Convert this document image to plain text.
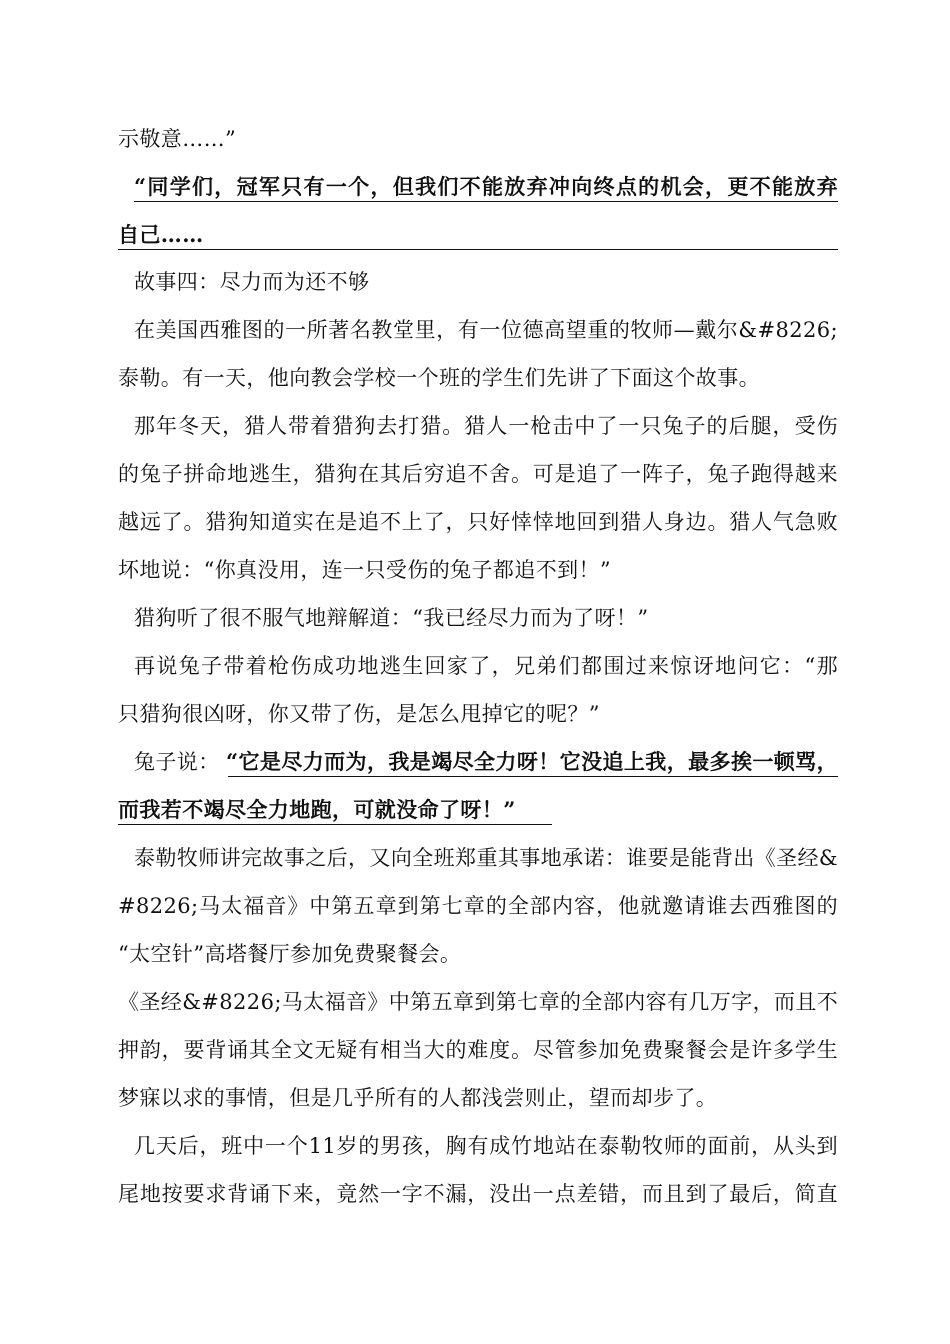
示敬意……”
“同学们，冠军只有一个，但我们不能放弃冲向终点的机会，更不能放弃
自己……
故事四：尽力而为还不够
在美国西雅图的一所著名教堂里，有一位德高望重的牧师—戴尔&#8226;
泰勒。有一天，他向教会学校一个班的学生们先讲了下面这个故事。
那年冬天，猎人带着猎狗去打猎。猎人一枪击中了一只兔子的后腿，受伤
的兔子拼命地逃生，猎狗在其后穷追不舍。可是追了一阵子，兔子跑得越来
越远了。猎狗知道实在是追不上了，只好悻悻地回到猎人身边。猎人气急败
坏地说：“你真没用，连一只受伤的兔子都追不到！”
猎狗听了很不服气地辩解道：“我已经尽力而为了呀！”
再说兔子带着枪伤成功地逃生回家了，兄弟们都围过来惊讶地问它：“那
只猎狗很凶呀，你又带了伤，是怎么甩掉它的呢？”
兔子说： “它是尽力而为，我是竭尽全力呀！它没追上我，最多挨一顿骂，
而我若不竭尽全力地跑，可就没命了呀！”
泰勒牧师讲完故事之后，又向全班郑重其事地承诺：谁要是能背出《圣经&
#8226;马太福音》中第五章到第七章的全部内容，他就邀请谁去西雅图的
“太空针”高塔餐厅参加免费聚餐会。
《圣经&#8226;马太福音》中第五章到第七章的全部内容有几万字，而且不
押韵，要背诵其全文无疑有相当大的难度。尽管参加免费聚餐会是许多学生
梦寐以求的事情，但是几乎所有的人都浅尝则止，望而却步了。
几天后，班中一个11岁的男孩，胸有成竹地站在泰勒牧师的面前，从头到
尾地按要求背诵下来，竟然一字不漏，没出一点差错，而且到了最后，简直
